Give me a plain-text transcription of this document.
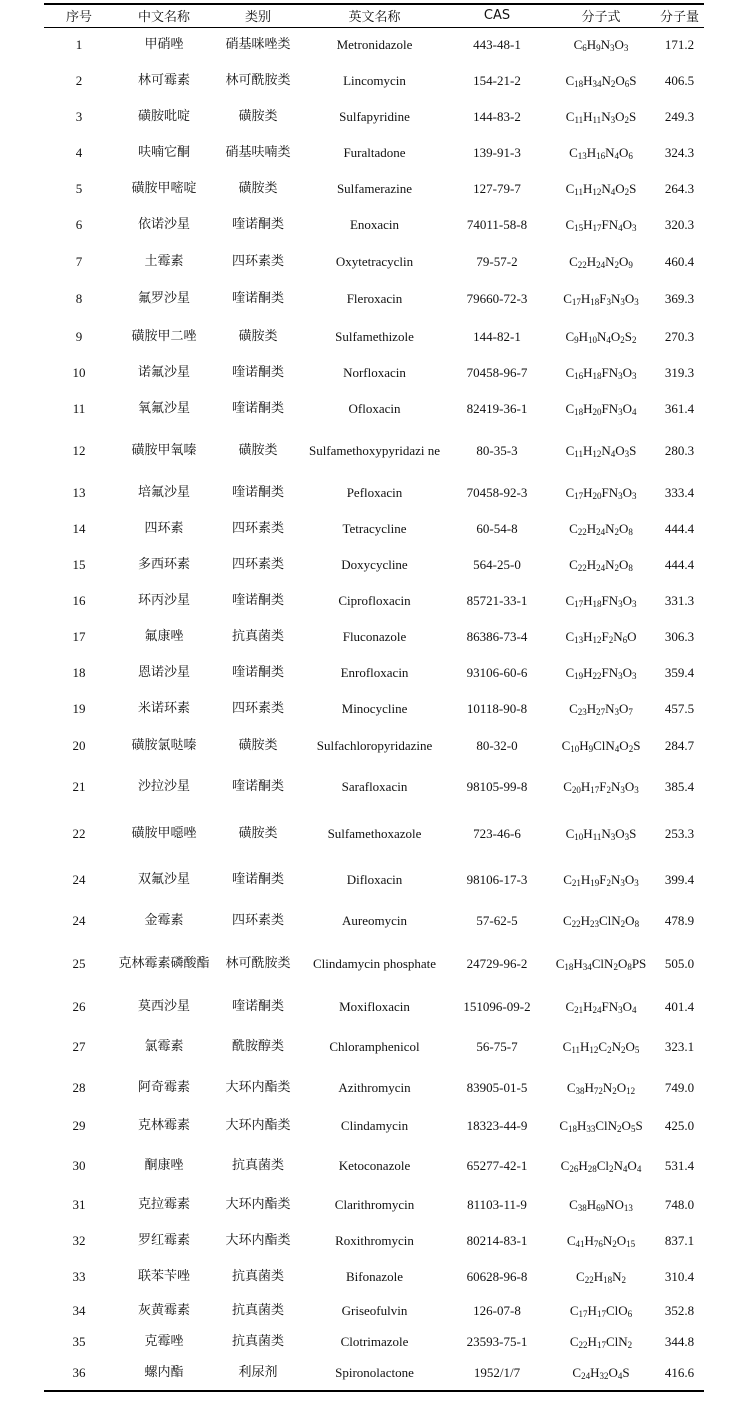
序号	中文名称	类别	英文名称	CAS	分子式	分子量
1	甲硝唑	硝基咪唑类	Metronidazole	443-48-1	$C_6H_9N_3O_3$	171.2
2	林可霉素	林可酰胺类	Lincomycin	154-21-2	$C_{18}H_{34}N_2O_6S$	406.5
3	磺胺吡啶	磺胺类	Sulfapyridine	144-83-2	$C_{11}H_{11}N_3O_2S$	249.3
4	呋喃它酮	硝基呋喃类	Furaltadone	139-91-3	$C_{13}H_{16}N_4O_6$	324.3
5	磺胺甲嘧啶	磺胺类	Sulfamerazine	127-79-7	$C_{11}H_{12}N_4O_2S$	264.3
6	依诺沙星	喹诺酮类	Enoxacin	74011-58-8	$C_{15}H_{17}FN_4O_3$	320.3
7	土霉素	四环素类	Oxytetracyclin	79-57-2	$C_{22}H_{24}N_2O_9$	460.4
8	氟罗沙星	喹诺酮类	Fleroxacin	79660-72-3	$C_{17}H_{18}F_3N_3O_3$	369.3
9	磺胺甲二唑	磺胺类	Sulfamethizole	144-82-1	$C_9H_{10}N_4O_2S_2$	270.3
10	诺氟沙星	喹诺酮类	Norfloxacin	70458-96-7	$C_{16}H_{18}FN_3O_3$	319.3
11	氧氟沙星	喹诺酮类	Ofloxacin	82419-36-1	$C_{18}H_{20}FN_3O_4$	361.4
12	磺胺甲氧嗪	磺胺类	Sulfamethoxypyridazi ne	80-35-3	$C_{11}H_{12}N_4O_3S$	280.3
13	培氟沙星	喹诺酮类	Pefloxacin	70458-92-3	$C_{17}H_{20}FN_3O_3$	333.4
14	四环素	四环素类	Tetracycline	60-54-8	$C_{22}H_{24}N_2O_8$	444.4
15	多西环素	四环素类	Doxycycline	564-25-0	$C_{22}H_{24}N_2O_8$	444.4
16	环丙沙星	喹诺酮类	Ciprofloxacin	85721-33-1	$C_{17}H_{18}FN_3O_3$	331.3
17	氟康唑	抗真菌类	Fluconazole	86386-73-4	$C_{13}H_{12}F_2N_6O$	306.3
18	恩诺沙星	喹诺酮类	Enrofloxacin	93106-60-6	$C_{19}H_{22}FN_3O_3$	359.4
19	米诺环素	四环素类	Minocycline	10118-90-8	$C_{23}H_{27}N_3O_7$	457.5
20	磺胺氯哒嗪	磺胺类	Sulfachloropyridazine	80-32-0	$C_{10}H_9ClN_4O_2S$	284.7
21	沙拉沙星	喹诺酮类	Sarafloxacin	98105-99-8	$C_{20}H_{17}F_2N_3O_3$	385.4
22	磺胺甲噁唑	磺胺类	Sulfamethoxazole	723-46-6	$C_{10}H_{11}N_3O_3S$	253.3
24	双氟沙星	喹诺酮类	Difloxacin	98106-17-3	$C_{21}H_{19}F_2N_3O_3$	399.4
24	金霉素	四环素类	Aureomycin	57-62-5	$C_{22}H_{23}ClN_2O_8$	478.9
25	克林霉素磷酸酯	林可酰胺类	Clindamycin phosphate	24729-96-2	$C_{18}H_{34}ClN_2O_8PS$	505.0
26	莫西沙星	喹诺酮类	Moxifloxacin	151096-09-2	$C_{21}H_{24}FN_3O_4$	401.4
27	氯霉素	酰胺醇类	Chloramphenicol	56-75-7	$C_{11}H_{12}C_2N_2O_5$	323.1
28	阿奇霉素	大环内酯类	Azithromycin	83905-01-5	$C_{38}H_{72}N_2O_{12}$	749.0
29	克林霉素	大环内酯类	Clindamycin	18323-44-9	$C_{18}H_{33}ClN_2O_5S$	425.0
30	酮康唑	抗真菌类	Ketoconazole	65277-42-1	$C_{26}H_{28}Cl_2N_4O_4$	531.4
31	克拉霉素	大环内酯类	Clarithromycin	81103-11-9	$C_{38}H_{69}NO_{13}$	748.0
32	罗红霉素	大环内酯类	Roxithromycin	80214-83-1	$C_{41}H_{76}N_2O_{15}$	837.1
33	联苯苄唑	抗真菌类	Bifonazole	60628-96-8	$C_{22}H_{18}N_2$	310.4
34	灰黄霉素	抗真菌类	Griseofulvin	126-07-8	$C_{17}H_{17}ClO_6$	352.8
35	克霉唑	抗真菌类	Clotrimazole	23593-75-1	$C_{22}H_{17}ClN_2$	344.8
36	螺内酯	利尿剂	Spironolactone	1952/1/7	$C_{24}H_{32}O_4S$	416.6
